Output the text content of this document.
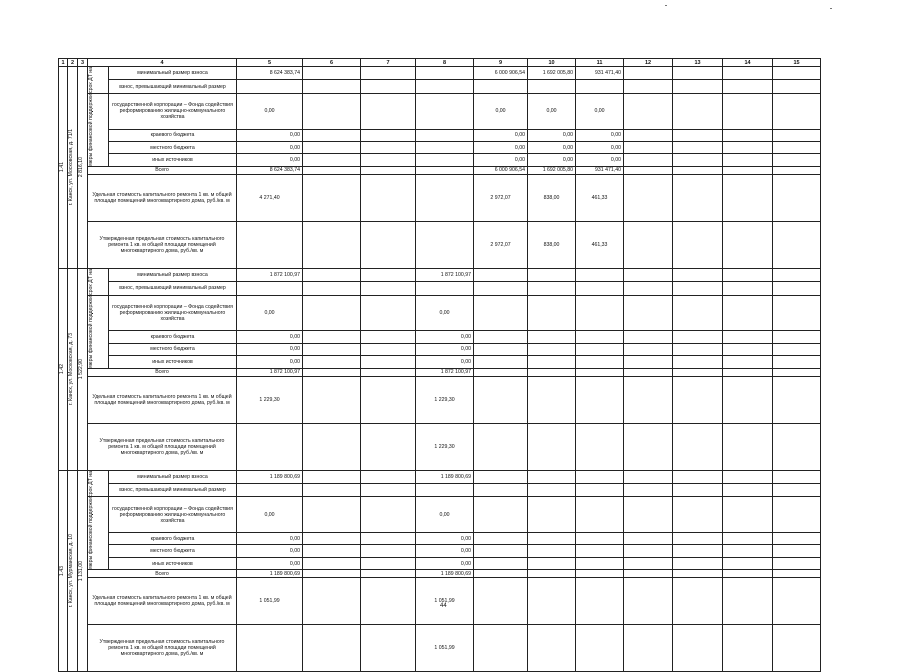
1	2	3	4		5	6	7	8	9	10	11	12	13	14	15

1.41	г. Канск, ул. Московская, д. 71/1	2 816,10	срок ДТ на	минимальный размер взноса	8 624 383,74				6 000 906,54	1 692 005,80	931 471,40				
				взнос, превышающий минимальный размер											

			меры финансовой поддержки	государственной корпорации – Фонда содействия реформированию жилищно-коммунального хозяйства	0,00				0,00	0,00	0,00				
				краевого бюджета	0,00				0,00	0,00	0,00				
				местного бюджета	0,00				0,00	0,00	0,00				
				иных источников	0,00				0,00	0,00	0,00				
			Всего		8 624 383,74				6 000 906,54	1 692 005,80	931 471,40				
			Удельная стоимость капитального ремонта 1 кв. м общей площади помещений многоквартирного дома, руб./кв. м		4 271,40				2 972,07	838,00	461,33				
			Утвержденная предельная стоимость капитального ремонта 1 кв. м общей площади помещений многоквартирного дома, руб./кв. м						2 972,07	838,00	461,33				

1.42	г. Канск, ул. Московская, д. 73	1 522,90	срок ДТ на	минимальный размер взноса	1 872 100,97			1 872 100,97							
				взнос, превышающий минимальный размер											

			меры финансовой поддержки	государственной корпорации – Фонда содействия реформированию жилищно-коммунального хозяйства	0,00			0,00							
				краевого бюджета	0,00			0,00							
				местного бюджета	0,00			0,00							
				иных источников	0,00			0,00							
			Всего		1 872 100,97			1 872 100,97							
			Удельная стоимость капитального ремонта 1 кв. м общей площади помещений многоквартирного дома, руб./кв. м		1 229,30			1 229,30							
			Утвержденная предельная стоимость капитального ремонта 1 кв. м общей площади помещений многоквартирного дома, руб./кв. м					1 229,30							

1.43	г. Канск, ул. Мурманская, д. 10	1 131,00	срок ДТ на	минимальный размер взноса	1 189 800,69			1 189 800,69							
				взнос, превышающий минимальный размер											

			меры финансовой поддержки	государственной корпорации – Фонда содействия реформированию жилищно-коммунального хозяйства	0,00			0,00							
				краевого бюджета	0,00			0,00							
				местного бюджета	0,00			0,00							
				иных источников	0,00			0,00							
			Всего		1 189 800,69			1 189 800,69							
			Удельная стоимость капитального ремонта 1 кв. м общей площади помещений многоквартирного дома, руб./кв. м		1 051,99			1 051,99							
			Утвержденная предельная стоимость капитального ремонта 1 кв. м общей площади помещений многоквартирного дома, руб./кв. м					1 051,99							
44
